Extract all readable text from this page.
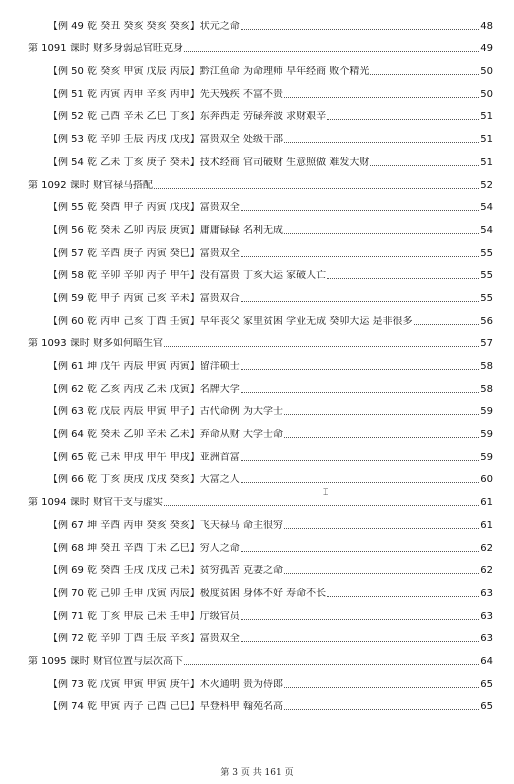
【例 49 乾 癸丑 癸亥 癸亥 癸亥】状元之命	48
第 1091 课时 财多身弱忌官旺克身	49
【例 50 乾 癸亥 甲寅 戊辰 丙辰】黔江鱼命 为命理师 早年经商 败个精光	50
【例 51 乾 丙寅 丙申 辛亥 丙申】先天残疾 不富不贵	50
【例 52 乾 己酉 辛未 乙巳 丁亥】东奔西走 劳碌奔波 求财艰辛	51
【例 53 乾 辛卯 壬辰 丙戌 戊戌】富贵双全 处级干部	51
【例 54 乾 乙未 丁亥 庚子 癸未】技术经商 官司破财 生意照做 难发大财	51
第 1092 课时 财官禄马搭配	52
【例 55 乾 癸酉 甲子 丙寅 戊戌】富贵双全	54
【例 56 乾 癸未 乙卯 丙辰 庚寅】庸庸碌碌 名利无成	54
【例 57 乾 辛酉 庚子 丙寅 癸巳】富贵双全	55
【例 58 乾 辛卯 辛卯 丙子 甲午】没有富贵 丁亥大运 家破人亡	55
【例 59 乾 甲子 丙寅 己亥 辛未】富贵双合	55
【例 60 乾 丙申 己亥 丁酉 壬寅】早年丧父 家里贫困 学业无成 癸卯大运 是非很多	56
第 1093 课时 财多如何暗生官	57
【例 61 坤 戊午 丙辰 甲寅 丙寅】留洋硕士	58
【例 62 乾 乙亥 丙戌 乙未 戊寅】名牌大学	58
【例 63 乾 戊辰 丙辰 甲寅 甲子】古代命例 为大学士	59
【例 64 乾 癸未 乙卯 辛未 乙未】弃命从财 大学士命	59
【例 65 乾 己未 甲戌 甲午 甲戌】亚洲首富	59
【例 66 乾 丁亥 庚戌 戊戌 癸亥】大富之人	60
第 1094 课时 财官干支与虚实	61
【例 67 坤 辛酉 丙申 癸亥 癸亥】飞天禄马 命主很穷	61
【例 68 坤 癸丑 辛酉 丁未 乙巳】穷人之命	62
【例 69 乾 癸酉 壬戌 戊戌 己未】贫穷孤苦 克妻之命	62
【例 70 乾 己卯 壬申 戊寅 丙辰】极度贫困 身体不好 寿命不长	63
【例 71 乾 丁亥 甲辰 己未 壬申】厅级官员	63
【例 72 乾 辛卯 丁酉 壬辰 辛亥】富贵双全	63
第 1095 课时 财官位置与层次高下	64
【例 73 乾 戊寅 甲寅 甲寅 庚午】木火通明 贵为侍郎	65
【例 74 乾 甲寅 丙子 己酉 己巳】早登科甲 翰苑名高	65
⌶
第 3 页 共 161 页
